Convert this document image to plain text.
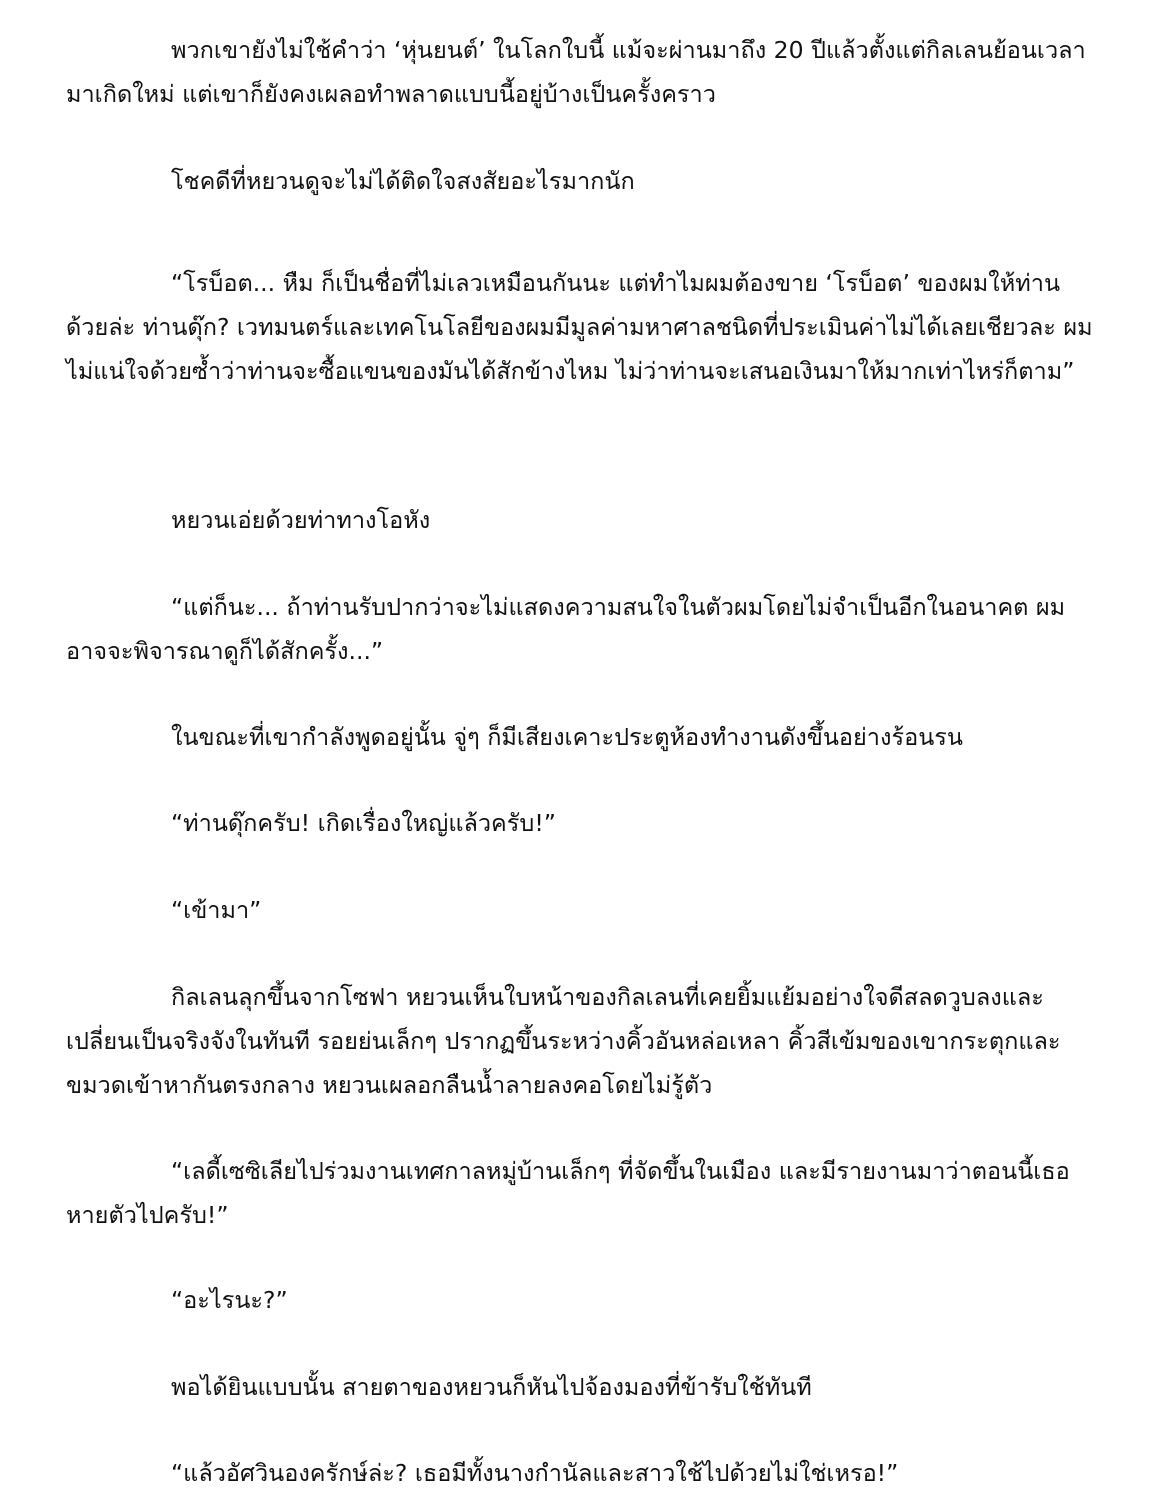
พวกเขายังไม่ใช้คำว่า ‘หุ่นยนต์’ ในโลกใบนี้ แม้จะผ่านมาถึง 20 ปีแล้วตั้งแต่กิลเลนย้อนเวลามาเกิดใหม่ แต่เขาก็ยังคงเผลอทำพลาดแบบนี้อยู่บ้างเป็นครั้งคราว

โชคดีที่หยวนดูจะไม่ได้ติดใจสงสัยอะไรมากนัก

“โรบ็อต... หืม ก็เป็นชื่อที่ไม่เลวเหมือนกันนะ แต่ทำไมผมต้องขาย ‘โรบ็อต’ ของผมให้ท่านด้วยล่ะ ท่านดุ๊ก? เวทมนตร์และเทคโนโลยีของผมมีมูลค่ามหาศาลชนิดที่ประเมินค่าไม่ได้เลยเชียวละ ผมไม่แน่ใจด้วยซ้ำว่าท่านจะซื้อแขนของมันได้สักข้างไหม ไม่ว่าท่านจะเสนอเงินมาให้มากเท่าไหร่ก็ตาม”

หยวนเอ่ยด้วยท่าทางโอหัง

“แต่ก็นะ... ถ้าท่านรับปากว่าจะไม่แสดงความสนใจในตัวผมโดยไม่จำเป็นอีกในอนาคต ผมอาจจะพิจารณาดูก็ได้สักครั้ง...”

ในขณะที่เขากำลังพูดอยู่นั้น จู่ๆ ก็มีเสียงเคาะประตูห้องทำงานดังขึ้นอย่างร้อนรน

“ท่านดุ๊กครับ! เกิดเรื่องใหญ่แล้วครับ!”

“เข้ามา”

กิลเลนลุกขึ้นจากโซฟา หยวนเห็นใบหน้าของกิลเลนที่เคยยิ้มแย้มอย่างใจดีสลดวูบลงและเปลี่ยนเป็นจริงจังในทันที รอยย่นเล็กๆ ปรากฏขึ้นระหว่างคิ้วอันหล่อเหลา คิ้วสีเข้มของเขากระตุกและขมวดเข้าหากันตรงกลาง หยวนเผลอกลืนน้ำลายลงคอโดยไม่รู้ตัว

“เลดี้เซซิเลียไปร่วมงานเทศกาลหมู่บ้านเล็กๆ ที่จัดขึ้นในเมือง และมีรายงานมาว่าตอนนี้เธอหายตัวไปครับ!”

“อะไรนะ?”

พอได้ยินแบบนั้น สายตาของหยวนก็หันไปจ้องมองที่ข้ารับใช้ทันที

“แล้วอัศวินองครักษ์ล่ะ? เธอมีทั้งนางกำนัลและสาวใช้ไปด้วยไม่ใช่เหรอ!”
